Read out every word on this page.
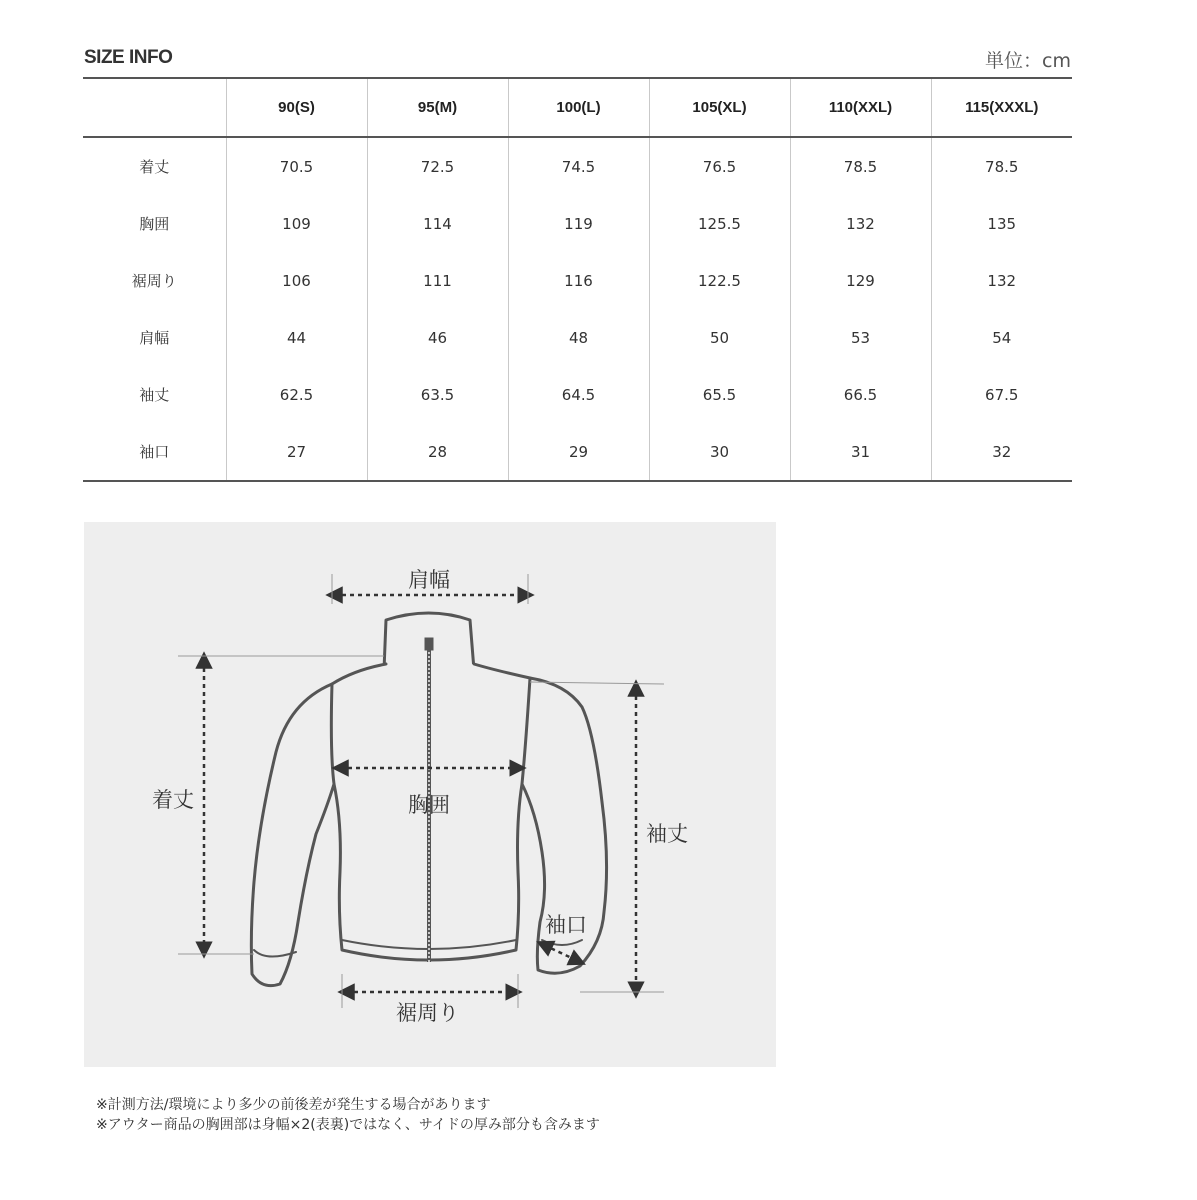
SIZE INFO	単位：cm
	90(S)	95(M)	100(L)	105(XL)	110(XXL)	115(XXXL)
着丈	70.5	72.5	74.5	76.5	78.5	78.5
胸囲	109	114	119	125.5	132	135
裾周り	106	111	116	122.5	129	132
肩幅	44	46	48	50	53	54
袖丈	62.5	63.5	64.5	65.5	66.5	67.5
袖口	27	28	29	30	31	32
肩幅
着丈	胸囲
袖丈
袖口
裾周り
※計測方法/環境により多少の前後差が発生する場合があります
※アウター商品の胸囲部は身幅×2(表裏)ではなく、サイドの厚み部分も含みます
